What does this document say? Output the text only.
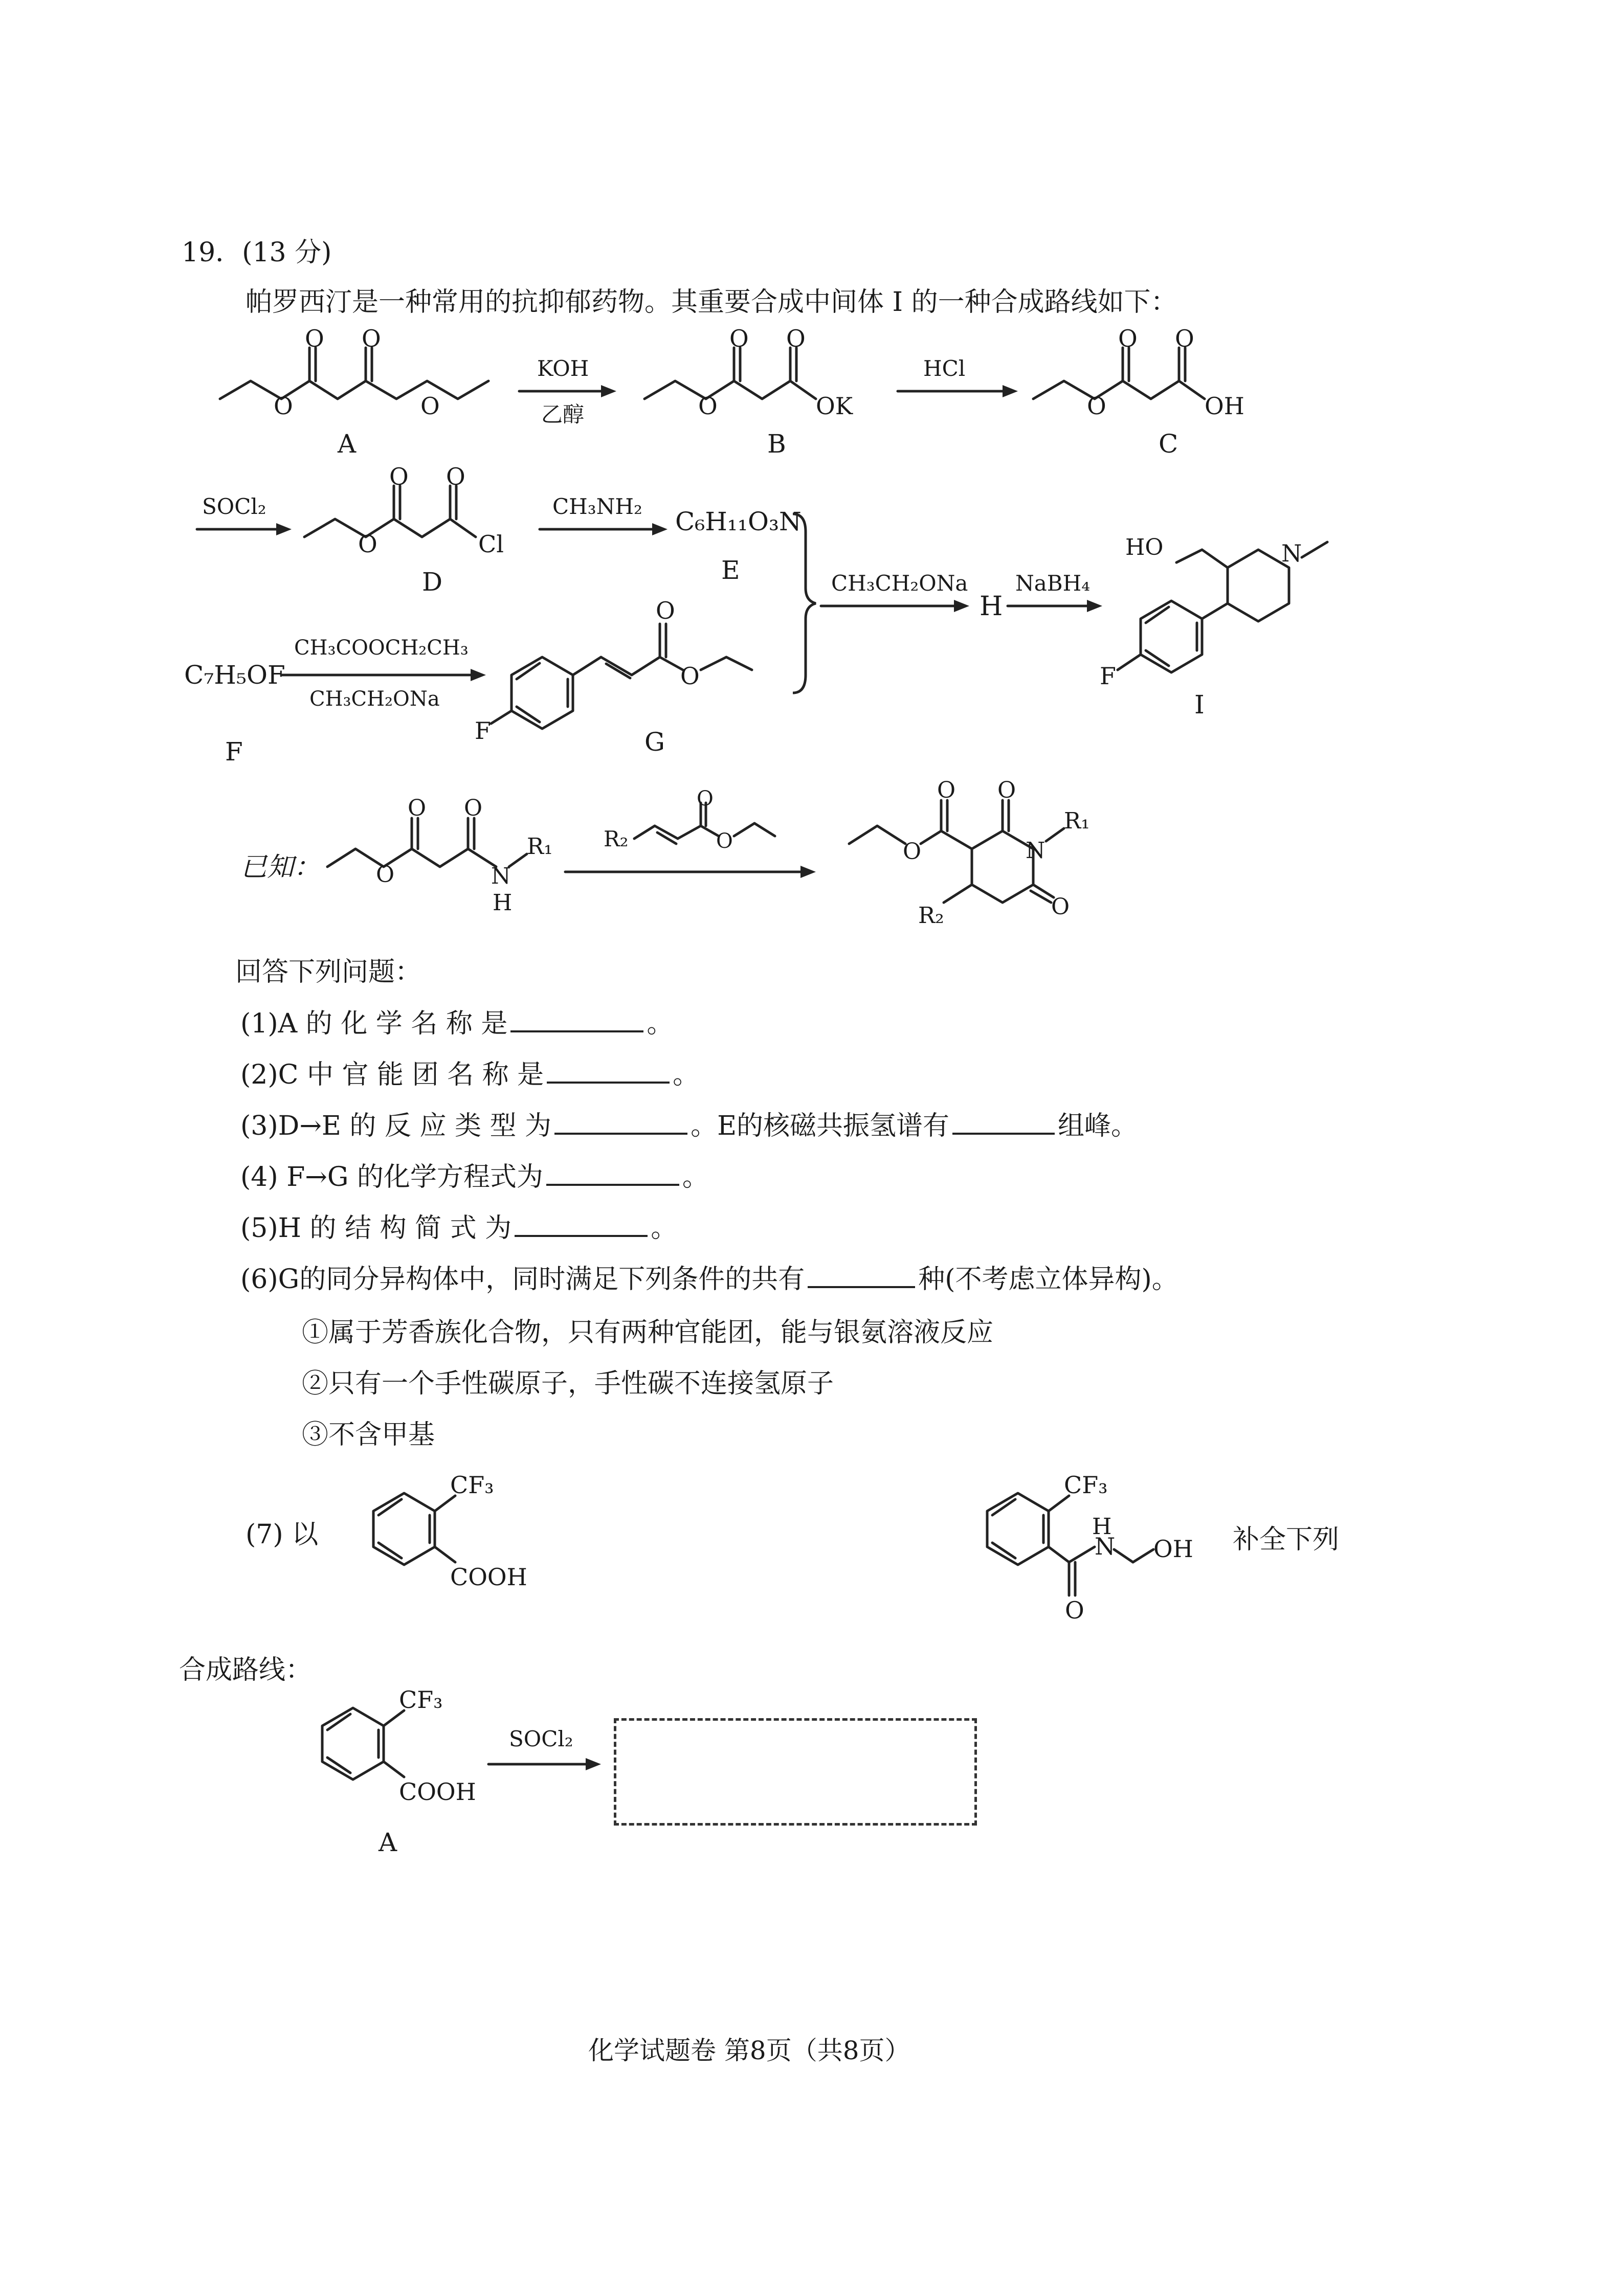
19．(13 分)
帕罗西汀是一种常用的抗抑郁药物。其重要合成中间体 I 的一种合成路线如下：
O O
O	O
A
KOH
乙醇
O O
O	OK
B
HCl
O O
O	OH
C
SOCl₂
O O
O	Cl
D
CH₃NH₂
C₆H₁₁O₃N
E	CH₃CH₂ONa
H
NaBH₄
N
HO
F
I
C₇H₅OF
F
CH₃COOCH₂CH₃
CH₃CH₂ONa
F
O
O
G
已知：
O O
O	N
H
R₁ R₂
O
O	O
O O
N
R₁
O
R₂
回答下列问题：
(1)A 的 化 学 名 称 是	。
(2)C 中 官 能 团 名 称 是	。
(3)D→E 的 反 应 类 型 为	。E的核磁共振氢谱有	组峰。
(4) F→G 的化学方程式为	。
(5)H 的 结 构 简 式 为	。
(6)G的同分异构体中，同时满足下列条件的共有	种(不考虑立体异构)。
①属于芳香族化合物，只有两种官能团，能与银氨溶液反应
②只有一个手性碳原子，手性碳不连接氢原子
③不含甲基
(7) 以
CF₃
COOH
CF₃
O
H
N OH 补全下列
合成路线：
CF₃
COOH
A
SOCl₂
化学试题卷 第8页（共8页）
